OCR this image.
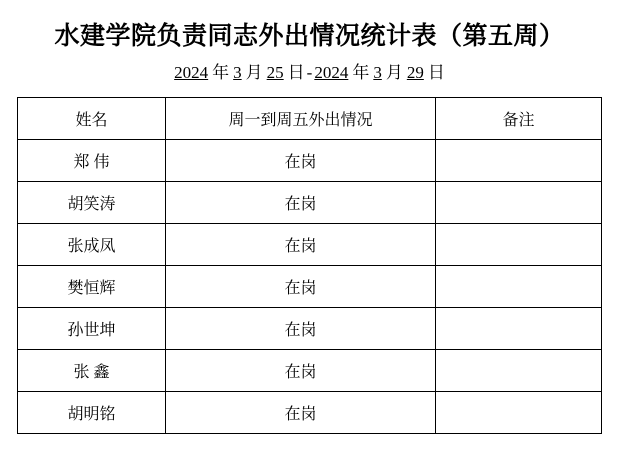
水建学院负责同志外出情况统计表（第五周）
2024 年 3 月 25 日 - 2024 年 3 月 29 日
姓名	周一到周五外出情况	备注
郑 伟	在岗	
胡笑涛	在岗	
张成凤	在岗	
樊恒辉	在岗	
孙世坤	在岗	
张 鑫	在岗	
胡明铭	在岗	
